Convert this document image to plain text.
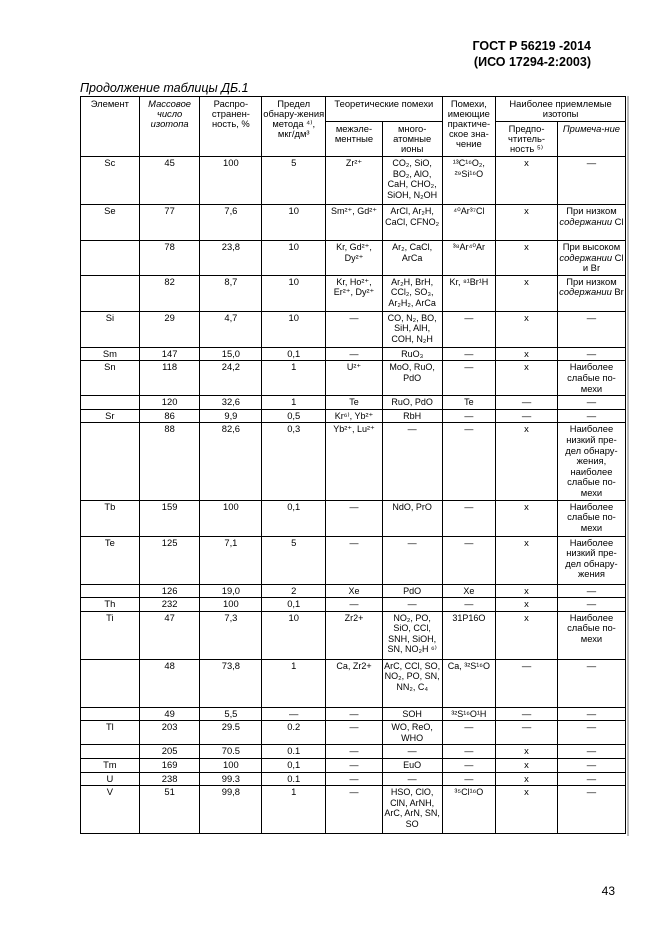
ГОСТ Р 56219 -2014
(ИСО 17294-2:2003)
Продолжение таблицы ДБ.1
Элемент	Массовое число изотопа	Распро-странен-ность, %	Предел обнару-жения метода ⁴⁾, мкг/дм³	Теоретические помехи		Помехи, имеющие практиче-ское зна-чение	Наиболее приемлемые изотопы	
				межэле-ментные	много-атомные ионы		Предпо-чтитель-ность ⁵⁾	Примеча-ние
Sc	45	100	5	Zr²⁺	CO₂, SiO, BO₂, AlO, CaH, CHO₂, SiOH, N₂OH	¹³C¹⁶O₂, ²⁹Si¹⁶O	x	—
Se	77	7,6	10	Sm²⁺, Gd²⁺	ArCl, Ar₂H, CaCl, CFNO₂	⁴⁰Ar³⁷Cl	x	При низком содержании Cl
	78	23,8	10	Kr, Gd²⁺, Dy²⁺	Ar₂, CaCl, ArCa	³⁸Ar⁴⁰Ar	x	При высоком содержании Cl и Br
	82	8,7	10	Kr, Ho²⁺, Er²⁺, Dy²⁺	Ar₂H, BrH, CCl₂, SO₃, Ar₂H₂, ArCa	Kr, ⁸¹Br¹H	x	При низком содержании Br
Si	29	4,7	10	—	CO, N₂, BO, SiH, AlH, COH, N₂H	—	x	—
Sm	147	15,0	0,1	—	RuO₃	—	x	—
Sn	118	24,2	1	U²⁺	MoO, RuO, PdO	—	x	Наиболее слабые по-мехи
	120	32,6	1	Te	RuO, PdO	Te	—	—
Sr	86	9,9	0,5	Kr⁶⁾, Yb²⁺	RbH	—	—	—
	88	82,6	0,3	Yb²⁺, Lu²⁺	—	—	x	Наиболее низкий пре-дел обнару-жения, наиболее слабые по-мехи
Tb	159	100	0,1	—	NdO, PrO	—	x	Наиболее слабые по-мехи
Te	125	7,1	5	—	—	—	x	Наиболее низкий пре-дел обнару-жения
	126	19,0	2	Xe	PdO	Xe	x	—
Th	232	100	0,1	—	—	—	x	—
Ti	47	7,3	10	Zr2+	NO₂, PO, SiO, CCl, SNH, SiOH, SN, NO₂H ⁶⁾	31P16O	x	Наиболее слабые по-мехи
	48	73,8	1	Ca, Zr2+	ArC, CCl, SO, NO₂, PO, SN, NN₂, C₄	Ca, ³²S¹⁶O	—	—
	49	5,5	—	—	SOH	³²S¹⁶O¹H	—	—
Tl	203	29.5	0.2	—	WO, ReO, WHO	—	—	—
	205	70.5	0.1	—	—	—	x	—
Tm	169	100	0,1	—	EuO	—	x	—
U	238	99.3	0.1	—	—	—	x	—
V	51	99,8	1	—	HSO, ClO, ClN, ArNH, ArC, ArN, SN, SO	³⁵Cl¹⁶O	x	—
43
